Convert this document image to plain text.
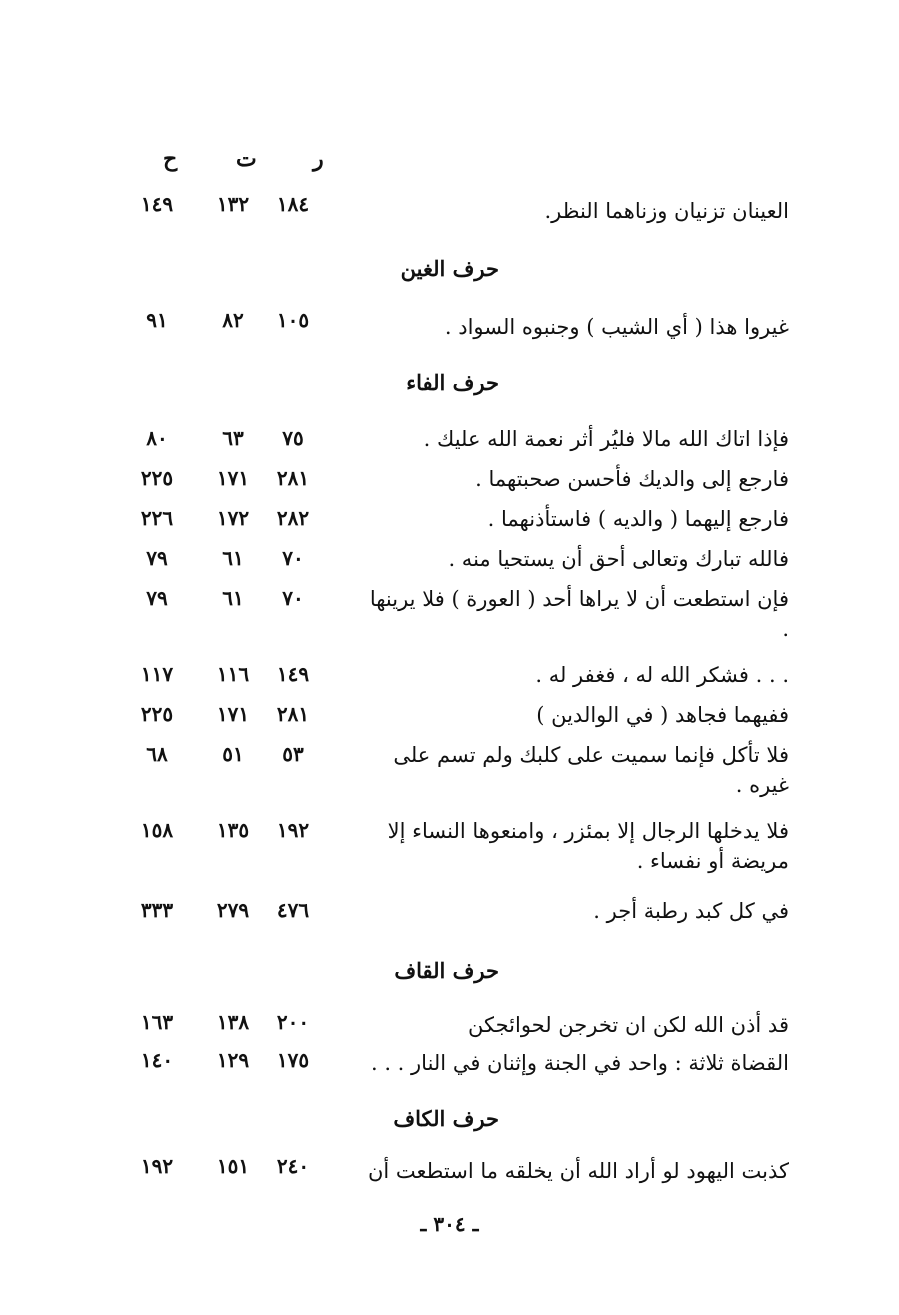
ر
ت
ح
العينان تزنيان وزناهما النظر.
١٨٤
١٣٢
١٤٩
حرف الغين
غيروا هذا ( أي الشيب ) وجنبوه السواد .
١٠٥
٨٢
٩١
حرف الفاء
فإذا اتاك الله مالا فليُر أثر نعمة الله عليك .
٧٥
٦٣
٨٠
فارجع إلى والديك فأحسن صحبتهما .
٢٨١
١٧١
٢٢٥
فارجع إليهما ( والديه ) فاستأذنهما .
٢٨٢
١٧٢
٢٢٦
فالله تبارك وتعالى أحق أن يستحيا منه .
٧٠
٦١
٧٩
فإن استطعت أن لا يراها أحد ( العورة ) فلا يرينها .
٧٠
٦١
٧٩
. . . فشكر الله له ، فغفر له .
١٤٩
١١٦
١١٧
ففيهما فجاهد ( في الوالدين )
٢٨١
١٧١
٢٢٥
فلا تأكل فإنما سميت على كلبك ولم تسم على غيره .
٥٣
٥١
٦٨
فلا يدخلها الرجال إلا بمئزر ، وامنعوها النساء إلا مريضة أو نفساء .
١٩٢
١٣٥
١٥٨
في كل كبد رطبة أجر .
٤٧٦
٢٧٩
٣٣٣
حرف القاف
قد أذن الله لكن ان تخرجن لحوائجكن
٢٠٠
١٣٨
١٦٣
القضاة ثلاثة : واحد في الجنة وإثنان في النار . . .
١٧٥
١٢٩
١٤٠
حرف الكاف
كذبت اليهود لو أراد الله أن يخلقه ما استطعت أن
٢٤٠
١٥١
١٩٢
ـ ٣٠٤ ـ
